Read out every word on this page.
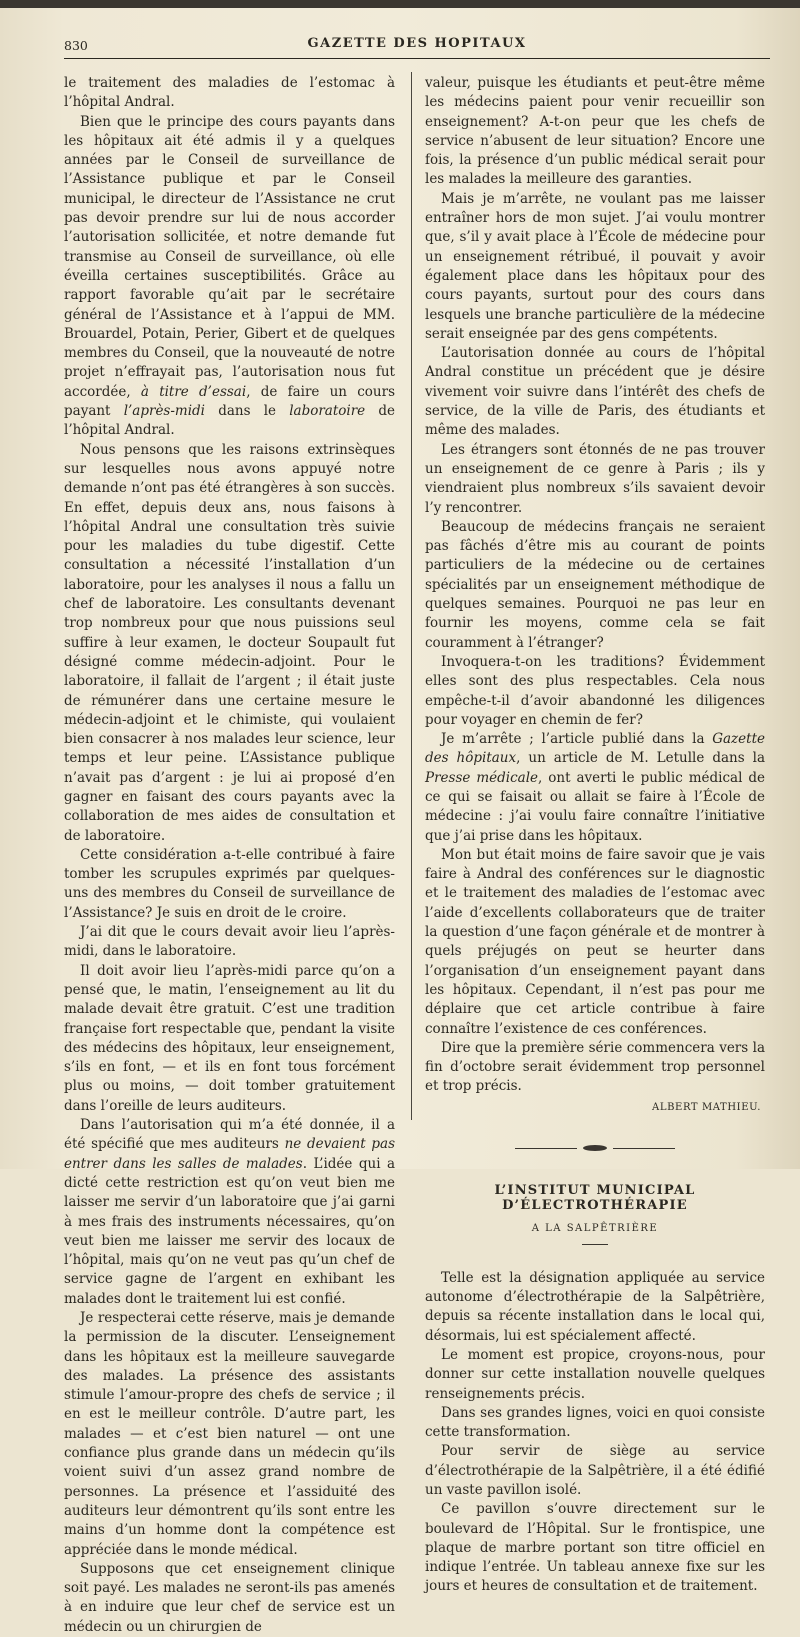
830	GAZETTE DES HOPITAUX

le traitement des maladies de l’estomac à l’hôpital Andral.

Bien que le principe des cours payants dans les hôpitaux ait été admis il y a quelques années par le Conseil de surveillance de l’Assistance publique et par le Conseil municipal, le directeur de l’Assistance ne crut pas devoir prendre sur lui de nous accorder l’autorisation sollicitée, et notre demande fut transmise au Conseil de surveillance, où elle éveilla certaines susceptibilités. Grâce au rapport favorable qu’ait par le secrétaire général de l’Assistance et à l’appui de MM. Brouardel, Potain, Perier, Gibert et de quelques membres du Conseil, que la nouveauté de notre projet n’effrayait pas, l’autorisation nous fut accordée, à titre d’essai, de faire un cours payant l’après-midi dans le laboratoire de l’hôpital Andral.

Nous pensons que les raisons extrinsèques sur lesquelles nous avons appuyé notre demande n’ont pas été étrangères à son succès. En effet, depuis deux ans, nous faisons à l’hôpital Andral une consultation très suivie pour les maladies du tube digestif. Cette consultation a nécessité l’installation d’un laboratoire, pour les analyses il nous a fallu un chef de laboratoire. Les consultants devenant trop nombreux pour que nous puissions seul suffire à leur examen, le docteur Soupault fut désigné comme médecin-adjoint. Pour le laboratoire, il fallait de l’argent ; il était juste de rémunérer dans une certaine mesure le médecin-adjoint et le chimiste, qui voulaient bien consacrer à nos malades leur science, leur temps et leur peine. L’Assistance publique n’avait pas d’argent : je lui ai proposé d’en gagner en faisant des cours payants avec la collaboration de mes aides de consultation et de laboratoire.

Cette considération a-t-elle contribué à faire tomber les scrupules exprimés par quelques-uns des membres du Conseil de surveillance de l’Assistance? Je suis en droit de le croire.

J’ai dit que le cours devait avoir lieu l’après-midi, dans le laboratoire.

Il doit avoir lieu l’après-midi parce qu’on a pensé que, le matin, l’enseignement au lit du malade devait être gratuit. C’est une tradition française fort respectable que, pendant la visite des médecins des hôpitaux, leur enseignement, s’ils en font, — et ils en font tous forcément plus ou moins, — doit tomber gratuitement dans l’oreille de leurs auditeurs.

Dans l’autorisation qui m’a été donnée, il a été spécifié que mes auditeurs ne devaient pas entrer dans les salles de malades. L’idée qui a dicté cette restriction est qu’on veut bien me laisser me servir d’un laboratoire que j’ai garni à mes frais des instruments nécessaires, qu’on veut bien me laisser me servir des locaux de l’hôpital, mais qu’on ne veut pas qu’un chef de service gagne de l’argent en exhibant les malades dont le traitement lui est confié.

Je respecterai cette réserve, mais je demande la permission de la discuter. L’enseignement dans les hôpitaux est la meilleure sauvegarde des malades. La présence des assistants stimule l’amour-propre des chefs de service ; il en est le meilleur contrôle. D’autre part, les malades — et c’est bien naturel — ont une confiance plus grande dans un médecin qu’ils voient suivi d’un assez grand nombre de personnes. La présence et l’assiduité des auditeurs leur démontrent qu’ils sont entre les mains d’un homme dont la compétence est appréciée dans le monde médical.

Supposons que cet enseignement clinique soit payé. Les malades ne seront-ils pas amenés à en induire que leur chef de service est un médecin ou un chirurgien de

valeur, puisque les étudiants et peut-être même les médecins paient pour venir recueillir son enseignement? A-t-on peur que les chefs de service n’abusent de leur situation? Encore une fois, la présence d’un public médical serait pour les malades la meilleure des garanties.

Mais je m’arrête, ne voulant pas me laisser entraîner hors de mon sujet. J’ai voulu montrer que, s’il y avait place à l’École de médecine pour un enseignement rétribué, il pouvait y avoir également place dans les hôpitaux pour des cours payants, surtout pour des cours dans lesquels une branche particulière de la médecine serait enseignée par des gens compétents.

L’autorisation donnée au cours de l’hôpital Andral constitue un précédent que je désire vivement voir suivre dans l’intérêt des chefs de service, de la ville de Paris, des étudiants et même des malades.

Les étrangers sont étonnés de ne pas trouver un enseignement de ce genre à Paris ; ils y viendraient plus nombreux s’ils savaient devoir l’y rencontrer.

Beaucoup de médecins français ne seraient pas fâchés d’être mis au courant de points particuliers de la médecine ou de certaines spécialités par un enseignement méthodique de quelques semaines. Pourquoi ne pas leur en fournir les moyens, comme cela se fait couramment à l’étranger?

Invoquera-t-on les traditions? Évidemment elles sont des plus respectables. Cela nous empêche-t-il d’avoir abandonné les diligences pour voyager en chemin de fer?

Je m’arrête ; l’article publié dans la Gazette des hôpitaux, un article de M. Letulle dans la Presse médicale, ont averti le public médical de ce qui se faisait ou allait se faire à l’École de médecine : j’ai voulu faire connaître l’initiative que j’ai prise dans les hôpitaux.

Mon but était moins de faire savoir que je vais faire à Andral des conférences sur le diagnostic et le traitement des maladies de l’estomac avec l’aide d’excellents collaborateurs que de traiter la question d’une façon générale et de montrer à quels préjugés on peut se heurter dans l’organisation d’un enseignement payant dans les hôpitaux. Cependant, il n’est pas pour me déplaire que cet article contribue à faire connaître l’existence de ces conférences.

Dire que la première série commencera vers la fin d’octobre serait évidemment trop personnel et trop précis.

ALBERT MATHIEU.
L’INSTITUT MUNICIPAL D’ÉLECTROTHÉRAPIE
A LA SALPÊTRIÈRE

Telle est la désignation appliquée au service autonome d’électrothérapie de la Salpêtrière, depuis sa récente installation dans le local qui, désormais, lui est spécialement affecté.

Le moment est propice, croyons-nous, pour donner sur cette installation nouvelle quelques renseignements précis.

Dans ses grandes lignes, voici en quoi consiste cette transformation.

Pour servir de siège au service d’électrothérapie de la Salpêtrière, il a été édifié un vaste pavillon isolé.

Ce pavillon s’ouvre directement sur le boulevard de l’Hôpital. Sur le frontispice, une plaque de marbre portant son titre officiel en indique l’entrée. Un tableau annexe fixe sur les jours et heures de consultation et de traitement.
